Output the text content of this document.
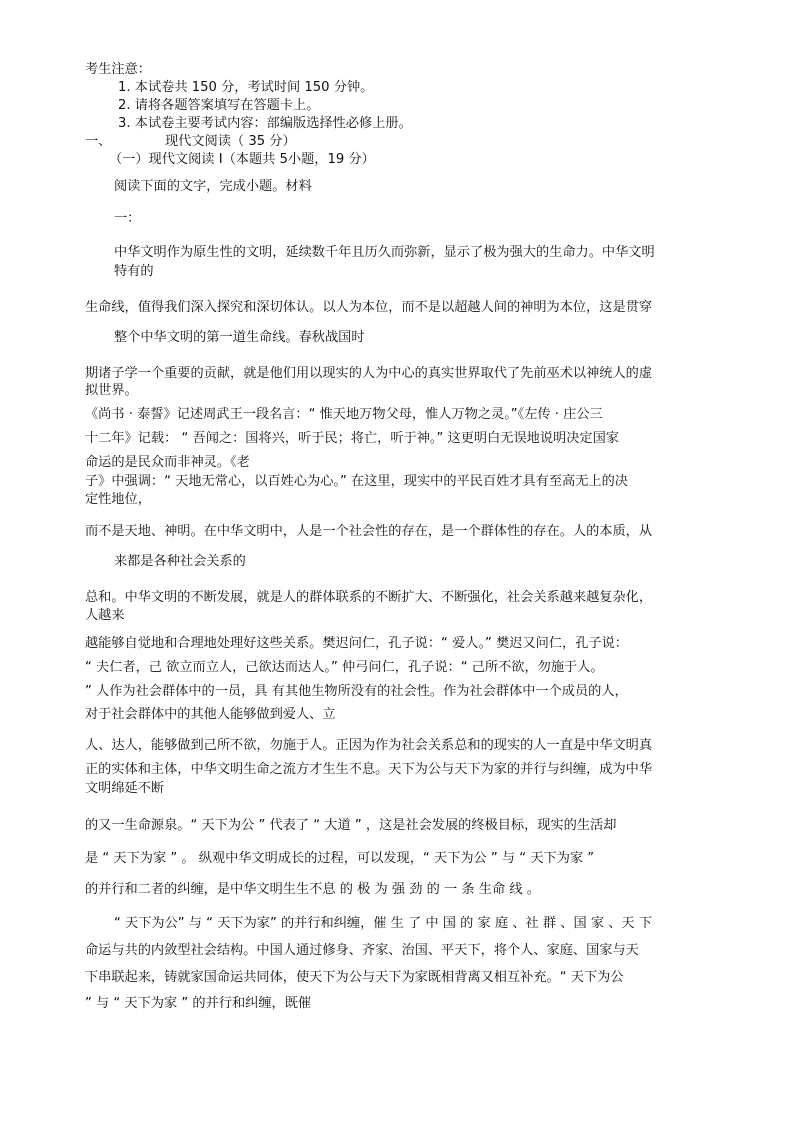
考生注意：
1. 本试卷共 150 分，考试时间 150 分钟。
2. 请将各题答案填写在答题卡上。
3. 本试卷主要考试内容：部编版选择性必修上册。
一、	现代文阅读（ 35 分）
（一）现代文阅读 I（本题共 5小题，19 分）
阅读下面的文字，完成小题。材料
一：
中华文明作为原生性的文明，延续数千年且历久而弥新，显示了极为强大的生命力。中华文明
特有的
生命线，值得我们深入探究和深切体认。以人为本位，而不是以超越人间的神明为本位，这是贯穿
整个中华文明的第一道生命线。春秋战国时
期诸子学一个重要的贡献，就是他们用以现实的人为中心的真实世界取代了先前巫术以神统人的虚
拟世界。
《尚书 · 泰誓》记述周武王一段名言：“ 惟天地万物父母，惟人万物之灵。”《左传 · 庄公三
十二年》记载： “ 吾闻之：国将兴，听于民；将亡，听于神。” 这更明白无误地说明决定国家
命运的是民众而非神灵。《老
子》中强调：“ 天地无常心，以百姓心为心。” 在这里，现实中的平民百姓才具有至高无上的决
定性地位，
而不是天地、神明。在中华文明中，人是一个社会性的存在，是一个群体性的存在。人的本质，从
来都是各种社会关系的
总和。中华文明的不断发展，就是人的群体联系的不断扩大、不断强化，社会关系越来越复杂化，
人越来
越能够自觉地和合理地处理好这些关系。樊迟问仁，孔子说：“ 爱人。” 樊迟又问仁，孔子说：
“ 夫仁者，己 欲立而立人，己欲达而达人。” 仲弓问仁，孔子说：“ 己所不欲，勿施于人。
” 人作为社会群体中的一员，具 有其他生物所没有的社会性。作为社会群体中一个成员的人，
对于社会群体中的其他人能够做到爱人、立
人、达人，能够做到己所不欲，勿施于人。正因为作为社会关系总和的现实的人一直是中华文明真
正的实体和主体，中华文明生命之流方才生生不息。天下为公与天下为家的并行与纠缠，成为中华
文明绵延不断
的又一生命源泉。“ 天下为公 ” 代表了 “ 大道 ” ，这是社会发展的终极目标，现实的生活却
是 “ 天下为家 ” 。 纵观中华文明成长的过程，可以发现，“ 天下为公 ” 与 “ 天下为家 ”
的并行和二者的纠缠，是中华文明生生不息 的 极 为 强 劲 的 一 条 生命 线 。
“ 天下为公” 与 “ 天下为家” 的并行和纠缠，催 生 了 中 国 的 家 庭 、社 群 、国 家 、天 下
命运与共的内敛型社会结构。中国人通过修身、齐家、治国、平天下，将个人、家庭、国家与天
下串联起来，铸就家国命运共同体，使天下为公与天下为家既相背离又相互补充。“ 天下为公
” 与 “ 天下为家 ” 的并行和纠缠，既催
